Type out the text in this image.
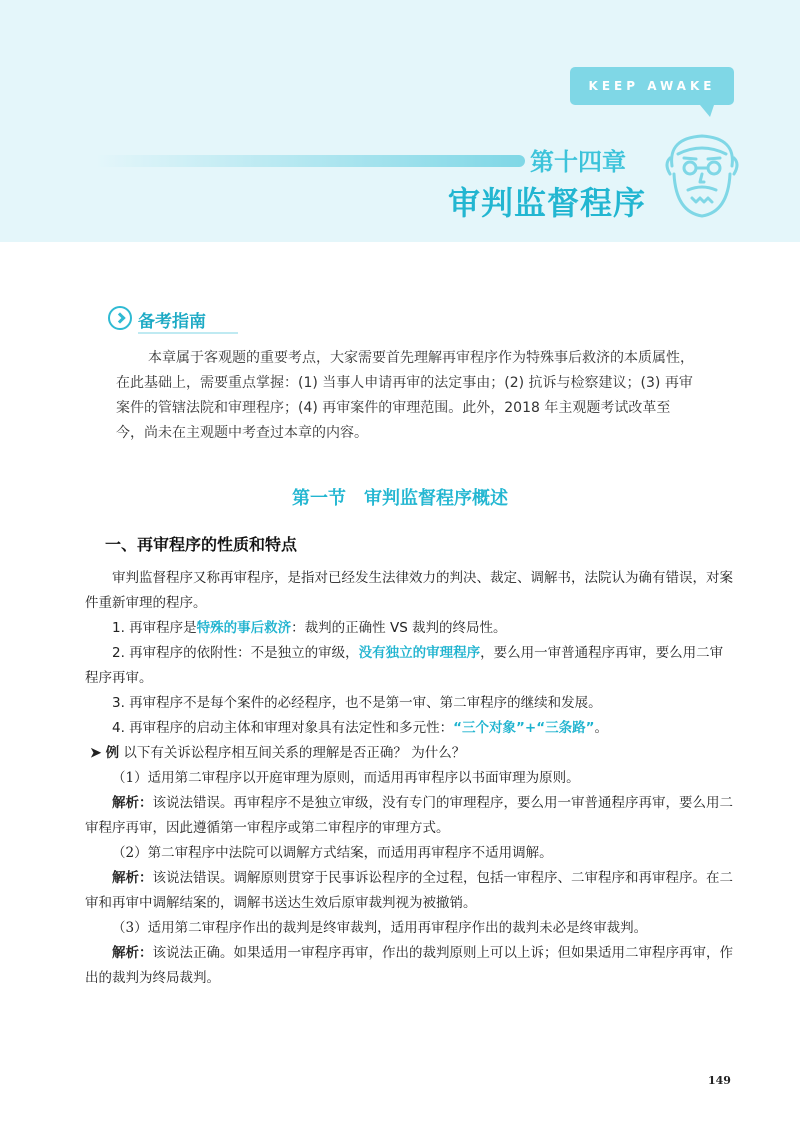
KEEP AWAKE
第十四章
审判监督程序
备考指南
本章属于客观题的重要考点，大家需要首先理解再审程序作为特殊事后救济的本质属性，在此基础上，需要重点掌握：(1) 当事人申请再审的法定事由；(2) 抗诉与检察建议；(3) 再审案件的管辖法院和审理程序；(4) 再审案件的审理范围。此外，2018 年主观题考试改革至今，尚未在主观题中考查过本章的内容。
第一节　审判监督程序概述
一、再审程序的性质和特点
审判监督程序又称再审程序，是指对已经发生法律效力的判决、裁定、调解书，法院认为确有错误，对案件重新审理的程序。
1. 再审程序是特殊的事后救济：裁判的正确性 VS 裁判的终局性。
2. 再审程序的依附性：不是独立的审级，没有独立的审理程序，要么用一审普通程序再审，要么用二审程序再审。
3. 再审程序不是每个案件的必经程序，也不是第一审、第二审程序的继续和发展。
4. 再审程序的启动主体和审理对象具有法定性和多元性：“三个对象”+“三条路”。
➤ 例 以下有关诉讼程序相互间关系的理解是否正确？ 为什么？
（1）适用第二审程序以开庭审理为原则，而适用再审程序以书面审理为原则。
解析：该说法错误。再审程序不是独立审级，没有专门的审理程序，要么用一审普通程序再审，要么用二审程序再审，因此遵循第一审程序或第二审程序的审理方式。
（2）第二审程序中法院可以调解方式结案，而适用再审程序不适用调解。
解析：该说法错误。调解原则贯穿于民事诉讼程序的全过程，包括一审程序、二审程序和再审程序。在二审和再审中调解结案的，调解书送达生效后原审裁判视为被撤销。
（3）适用第二审程序作出的裁判是终审裁判，适用再审程序作出的裁判未必是终审裁判。
解析：该说法正确。如果适用一审程序再审，作出的裁判原则上可以上诉；但如果适用二审程序再审，作出的裁判为终局裁判。
149
